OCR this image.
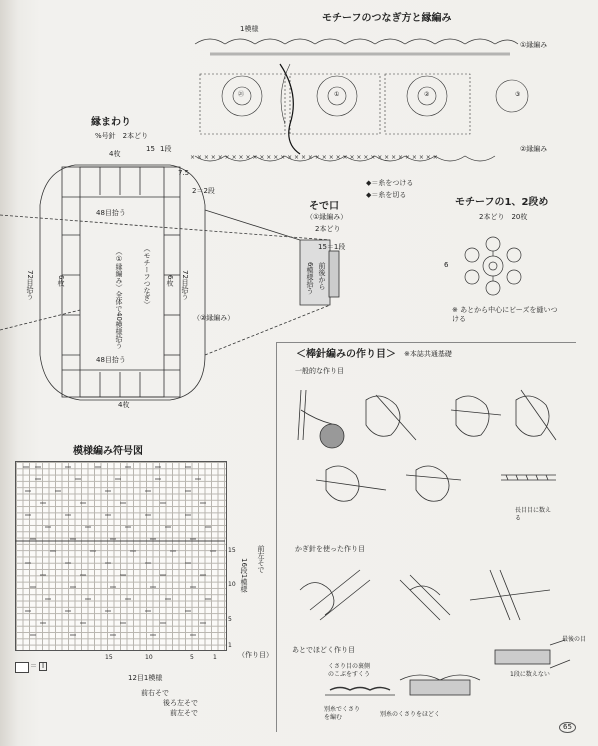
モチーフのつなぎ方と縁編み
1模様
①縁編み
②縁編み
× × × × × × × × × × × × × × × × × × × × × × × × × × × × × × × × × × × ×
㉑	①	②	③
◆＝糸をつける
◆＝糸を切る
縁まわり
%号針　2本どり
4枚
4枚
15 1段
7.5
2＝2段
48目拾う
48目拾う
72目拾う	72目拾う
6枚	6枚
（①縁編み）全体で40模様拾う	（モチーフつなぎ）
（②縁編み）
そで口
（①縁編み）
2本どり
15＝1段
6模様拾う 前後から
モチーフの1、2段め
2本どり　20枚
6
※ あとから中心にビーズを縫いつける
＜棒針編みの作り目＞ ※本誌共通基礎
一般的な作り目
長目目に数える
かぎ針を使った作り目
あとでほどく作り目
くさり目の裏側のこぶをすくう
別糸でくさりを編む	別糸のくさりをほどく
1段に数えない
最後の目
模様編み符号図
1
5
10
15
15	10	5	1
16段1模様 前左そで
（作り目）
12目1模様
前右そで
後ろ左そで
前左そで
＝ Ⅰ
65
